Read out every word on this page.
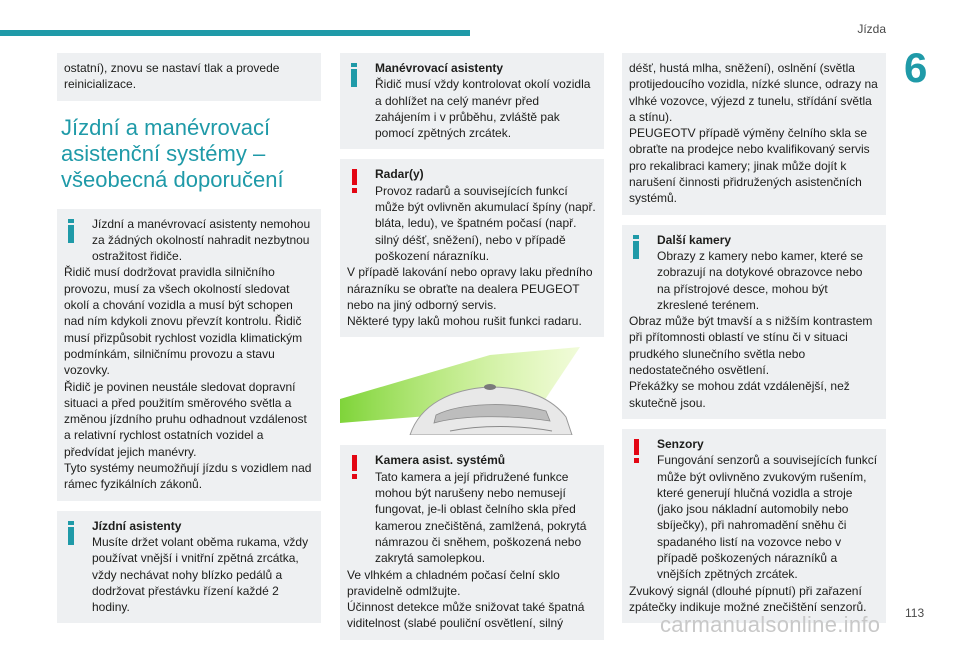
Jízda
6

ostatní), znovu se nastaví tlak a provede reinicializace.

Jízdní a manévrovací asistenční systémy – všeobecná doporučení

Jízdní a manévrovací asistenty nemohou za žádných okolností nahradit nezbytnou ostražitost řidiče.

Řidič musí dodržovat pravidla silničního provozu, musí za všech okolností sledovat okolí a chování vozidla a musí být schopen nad ním kdykoli znovu převzít kontrolu. Řidič musí přizpůsobit rychlost vozidla klimatickým podmínkám, silničnímu provozu a stavu vozovky.

Řidič je povinen neustále sledovat dopravní situaci a před použitím směrového světla a změnou jízdního pruhu odhadnout vzdálenost a relativní rychlost ostatních vozidel a předvídat jejich manévry.

Tyto systémy neumožňují jízdu s vozidlem nad rámec fyzikálních zákonů.

Jízdní asistenty

Musíte držet volant oběma rukama, vždy používat vnější i vnitřní zpětná zrcátka, vždy nechávat nohy blízko pedálů a dodržovat přestávku řízení každé 2 hodiny.

Manévrovací asistenty

Řidič musí vždy kontrolovat okolí vozidla a dohlížet na celý manévr před zahájením i v průběhu, zvláště pak pomocí zpětných zrcátek.

Radar(y)

Provoz radarů a souvisejících funkcí může být ovlivněn akumulací špíny (např. bláta, ledu), ve špatném počasí (např. silný déšť, sněžení), nebo v případě poškození nárazníku.

V případě lakování nebo opravy laku předního nárazníku se obraťte na dealera PEUGEOT nebo na jiný odborný servis.

Některé typy laků mohou rušit funkci radaru.

Kamera asist. systémů

Tato kamera a její přidružené funkce mohou být narušeny nebo nemusejí fungovat, je-li oblast čelního skla před kamerou znečištěná, zamlžená, pokrytá námrazou či sněhem, poškozená nebo zakrytá samolepkou.

Ve vlhkém a chladném počasí čelní sklo pravidelně odmlžujte.

Účinnost detekce může snižovat také špatná viditelnost (slabé pouliční osvětlení, silný

déšť, hustá mlha, sněžení), oslnění (světla protijedoucího vozidla, nízké slunce, odrazy na vlhké vozovce, výjezd z tunelu, střídání světla a stínu).

PEUGEOTV případě výměny čelního skla se obraťte na prodejce nebo kvalifikovaný servis pro rekalibraci kamery; jinak může dojít k narušení činnosti přidružených asistenčních systémů.

Další kamery

Obrazy z kamery nebo kamer, které se zobrazují na dotykové obrazovce nebo na přístrojové desce, mohou být zkreslené terénem.

Obraz může být tmavší a s nižším kontrastem při přítomnosti oblastí ve stínu či v situaci prudkého slunečního světla nebo nedostatečného osvětlení.

Překážky se mohou zdát vzdálenější, než skutečně jsou.

Senzory

Fungování senzorů a souvisejících funkcí může být ovlivněno zvukovým rušením, které generují hlučná vozidla a stroje (jako jsou nákladní automobily nebo sbíječky), při nahromadění sněhu či spadaného listí na vozovce nebo v případě poškozených nárazníků a vnějších zpětných zrcátek.

Zvukový signál (dlouhé pípnutí) při zařazení zpátečky indikuje možné znečištění senzorů.

carmanualsonline.info 113
